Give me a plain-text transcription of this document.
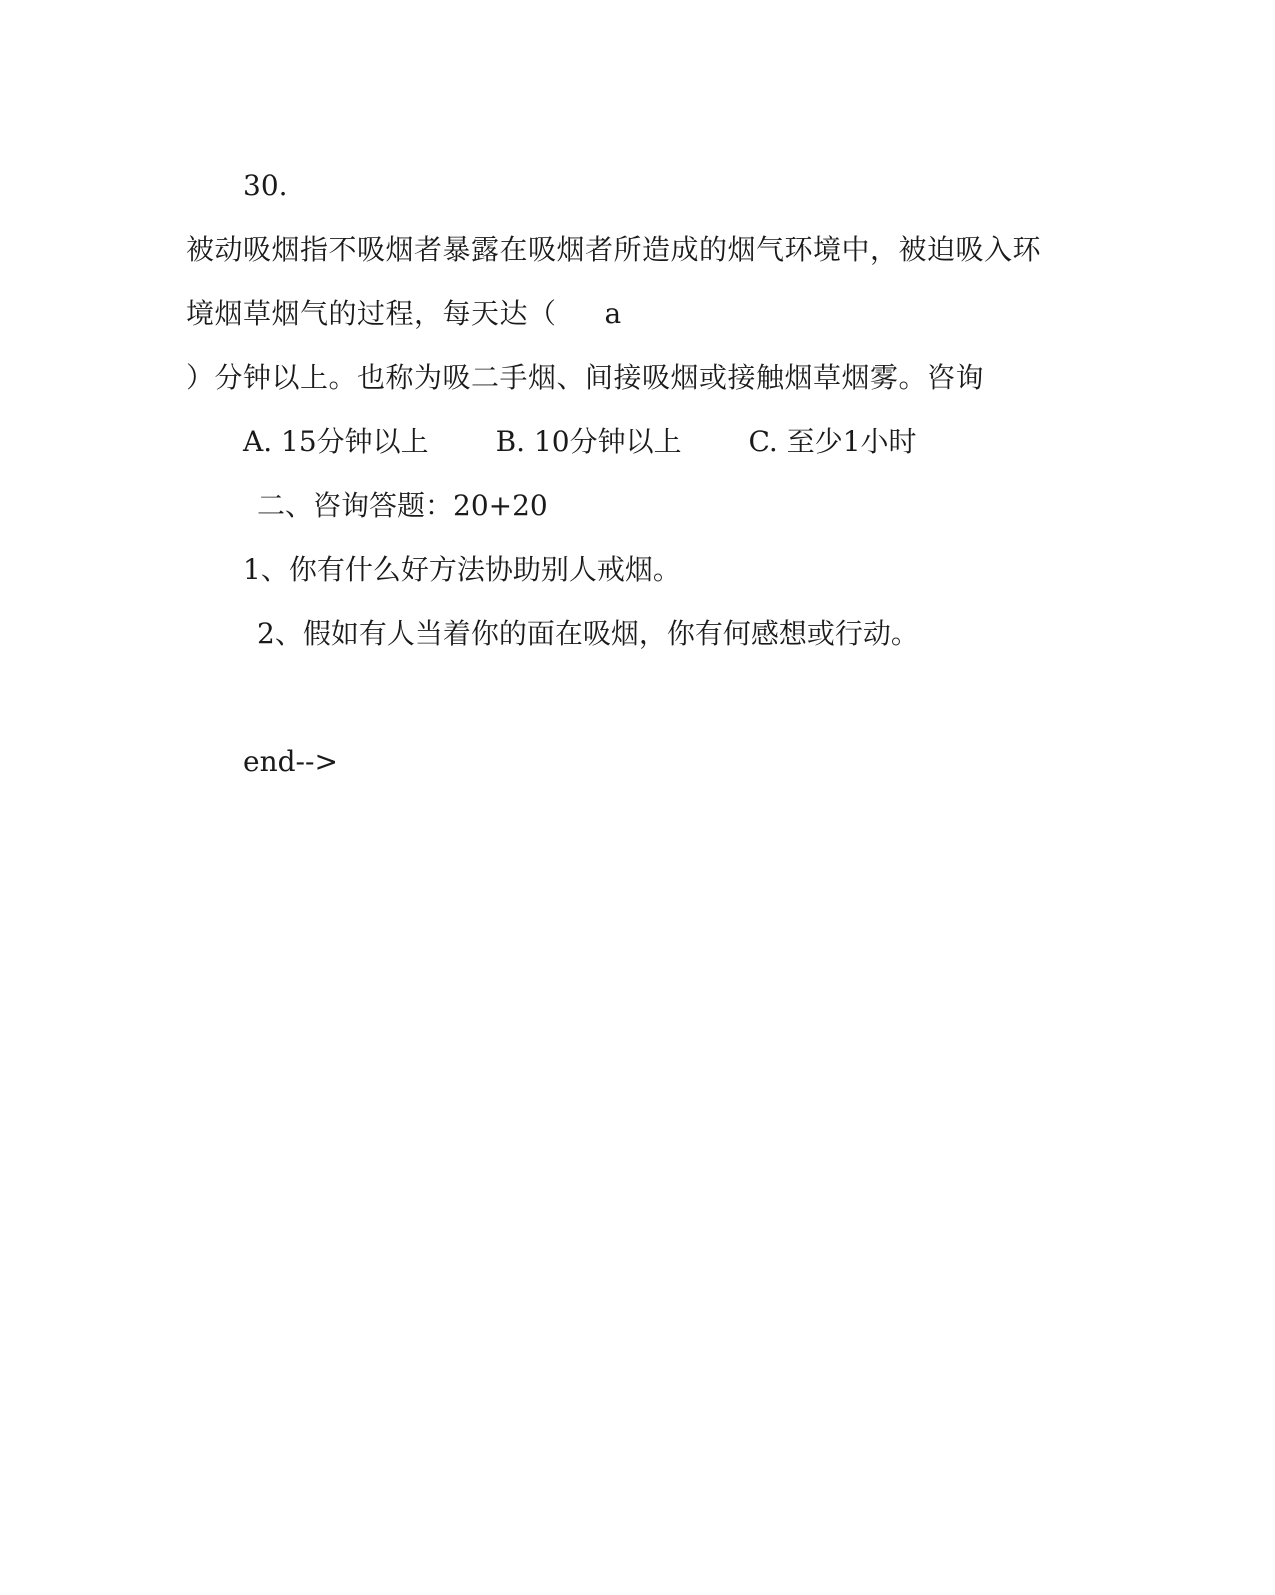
30.
被动吸烟指不吸烟者暴露在吸烟者所造成的烟气环境中，被迫吸入环
境烟草烟气的过程，每天达（ a
）分钟以上。也称为吸二手烟、间接吸烟或接触烟草烟雾。咨询
A. 15分钟以上 B. 10分钟以上 C. 至少1小时
二、咨询答题：20+20
1、你有什么好方法协助别人戒烟。
2、假如有人当着你的面在吸烟，你有何感想或行动。
end-->
